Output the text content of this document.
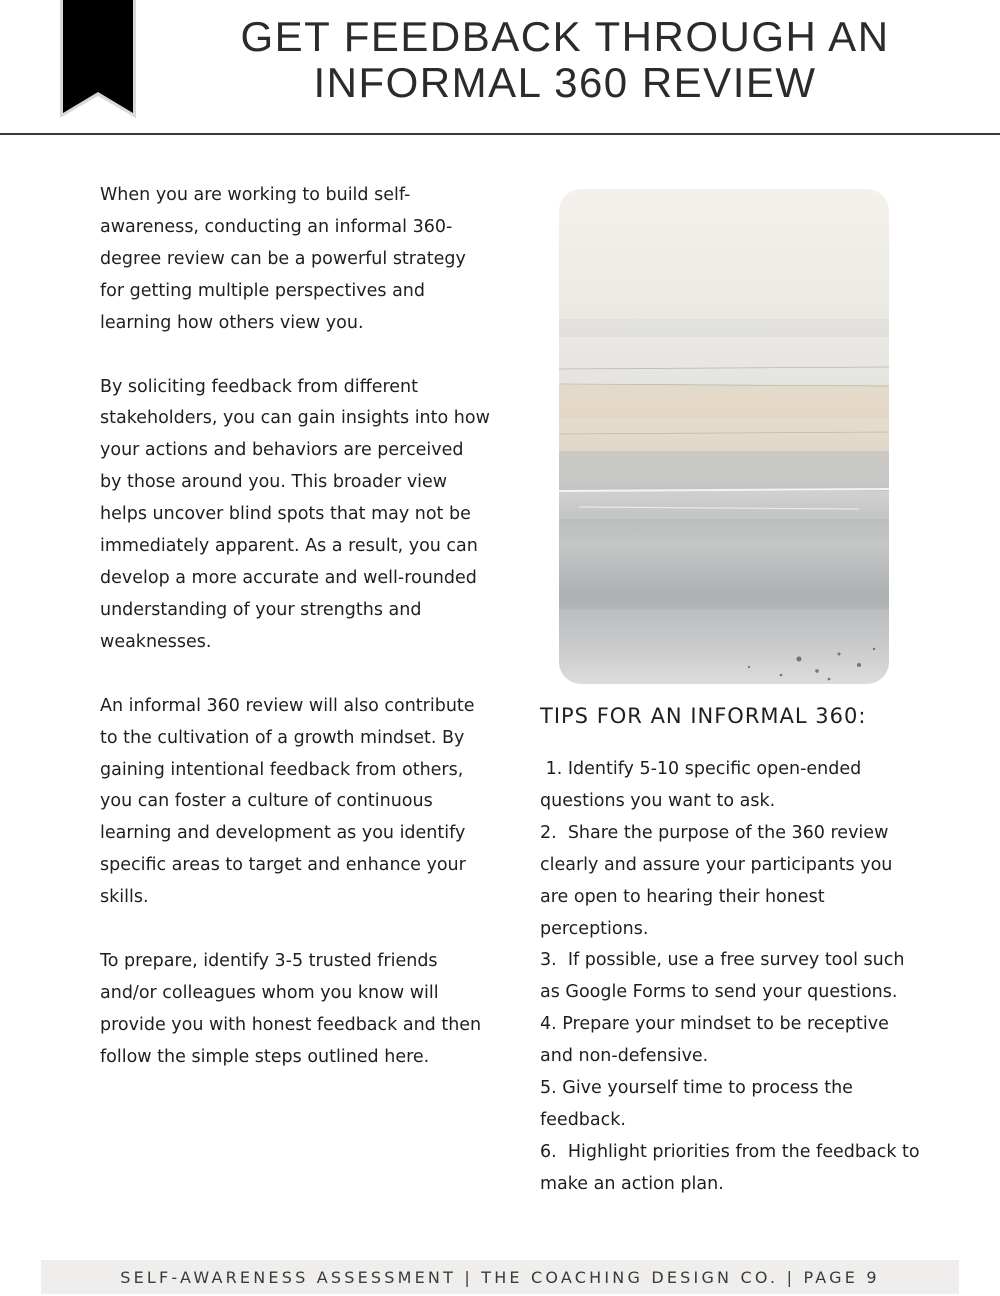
GET FEEDBACK THROUGH AN
INFORMAL 360 REVIEW

When you are working to build self-awareness, conducting an informal 360-degree review can be a powerful strategy for getting multiple perspectives and learning how others view you.

By soliciting feedback from different stakeholders, you can gain insights into how your actions and behaviors are perceived by those around you. This broader view helps uncover blind spots that may not be immediately apparent. As a result, you can develop a more accurate and well-rounded understanding of your strengths and weaknesses.

An informal 360 review will also contribute to the cultivation of a growth mindset. By gaining intentional feedback from others, you can foster a culture of continuous learning and development as you identify specific areas to target and enhance your skills.

To prepare, identify 3-5 trusted friends and/or colleagues whom you know will provide you with honest feedback and then follow the simple steps outlined here.

TIPS FOR AN INFORMAL 360:
1. Identify 5-10 specific open-ended questions you want to ask.
2.  Share the purpose of the 360 review clearly and assure your participants you are open to hearing their honest perceptions.
3.  If possible, use a free survey tool such as Google Forms to send your questions.
4. Prepare your mindset to be receptive and non-defensive.
5. Give yourself time to process the feedback.
6.  Highlight priorities from the feedback to make an action plan.
SELF-AWARENESS ASSESSMENT | THE COACHING DESIGN CO. | PAGE 9
